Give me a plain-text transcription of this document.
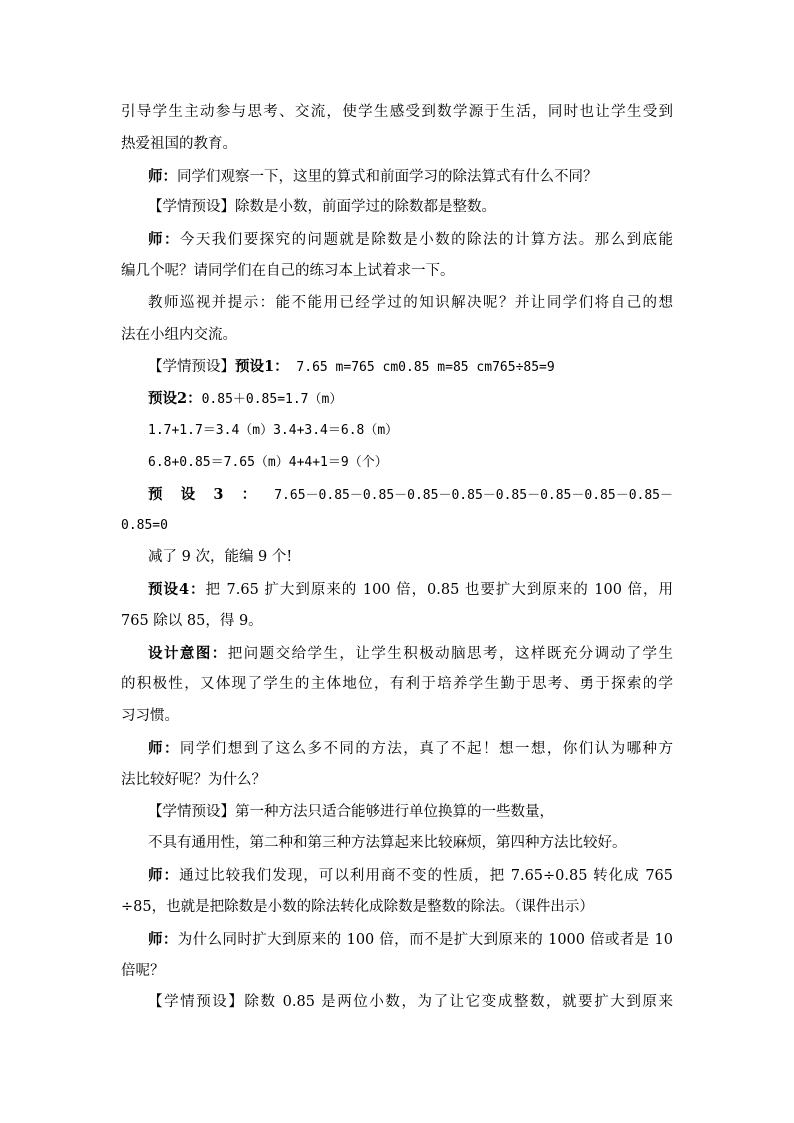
引导学生主动参与思考、交流，使学生感受到数学源于生活，同时也让学生受到
热爱祖国的教育。
师：同学们观察一下，这里的算式和前面学习的除法算式有什么不同？
【学情预设】除数是小数，前面学过的除数都是整数。
师：今天我们要探究的问题就是除数是小数的除法的计算方法。那么到底能
编几个呢？请同学们在自己的练习本上试着求一下。
教师巡视并提示：能不能用已经学过的知识解决呢？并让同学们将自己的想
法在小组内交流。
【学情预设】预设1： 7.65 m=765 cm0.85 m=85 cm765÷85=9
预设2：0.85＋0.85=1.7（m）
1.7+1.7＝3.4（m）3.4+3.4＝6.8（m）
6.8+0.85＝7.65（m）4+4+1＝9（个）
预设3：7.65－0.85－0.85－0.85－0.85－0.85－0.85－0.85－0.85－
0.85=0
减了 9 次，能编 9 个!
预设4：把 7.65 扩大到原来的 100 倍，0.85 也要扩大到原来的 100 倍，用
765 除以 85，得 9。
设计意图：把问题交给学生，让学生积极动脑思考，这样既充分调动了学生
的积极性，又体现了学生的主体地位，有利于培养学生勤于思考、勇于探索的学
习习惯。
师：同学们想到了这么多不同的方法，真了不起！想一想，你们认为哪种方
法比较好呢？为什么？
【学情预设】第一种方法只适合能够进行单位换算的一些数量，
不具有通用性，第二种和第三种方法算起来比较麻烦，第四种方法比较好。
师：通过比较我们发现，可以利用商不变的性质，把 7.65÷0.85 转化成 765
÷85，也就是把除数是小数的除法转化成除数是整数的除法。（课件出示）
师：为什么同时扩大到原来的 100 倍，而不是扩大到原来的 1000 倍或者是 10
倍呢？
【学情预设】除数 0.85 是两位小数，为了让它变成整数，就要扩大到原来
